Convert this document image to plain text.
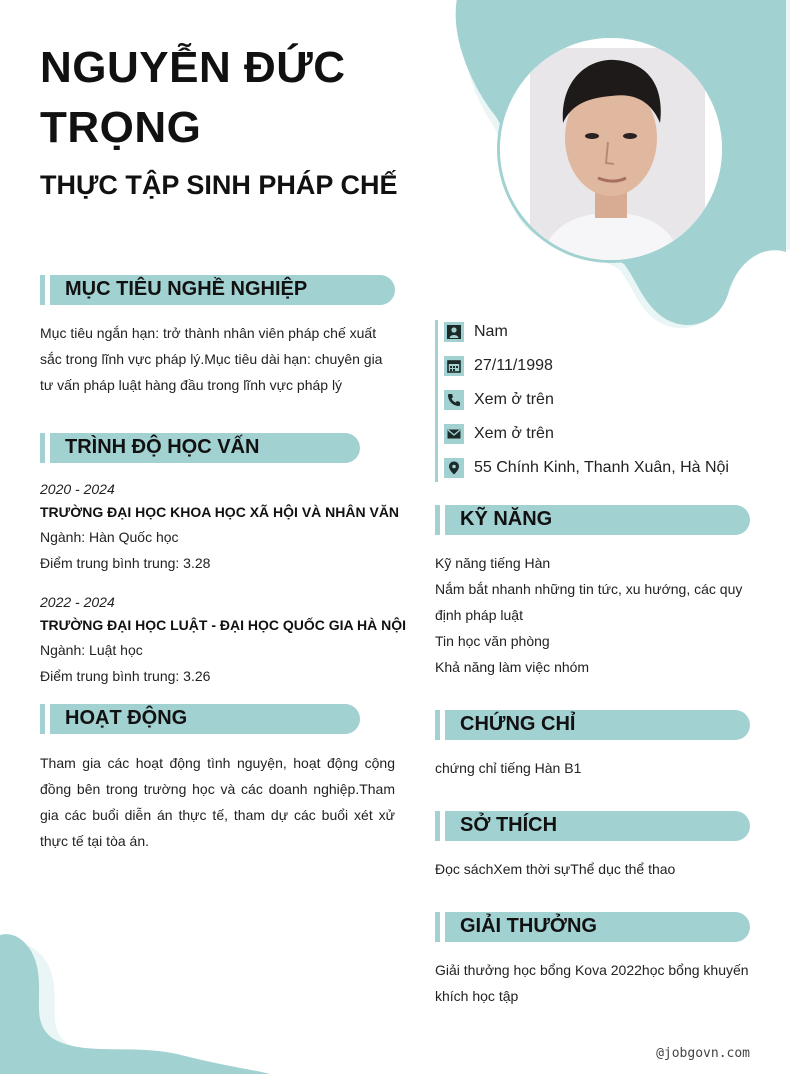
NGUYỄN ĐỨC TRỌNG
THỰC TẬP SINH PHÁP CHẾ
MỤC TIÊU NGHỀ NGHIỆP
Mục tiêu ngắn hạn: trở thành nhân viên pháp chế xuất sắc trong lĩnh vực pháp lý.Mục tiêu dài hạn: chuyên gia tư vấn pháp luật hàng đầu trong lĩnh vực pháp lý
TRÌNH ĐỘ HỌC VẤN
2020 - 2024
TRƯỜNG ĐẠI HỌC KHOA HỌC XÃ HỘI VÀ NHÂN VĂN
Ngành: Hàn Quốc học
Điểm trung bình trung: 3.28
2022 - 2024
TRƯỜNG ĐẠI HỌC LUẬT - ĐẠI HỌC QUỐC GIA HÀ NỘI
Ngành: Luật học
Điểm trung bình trung: 3.26
HOẠT ĐỘNG
Tham gia các hoạt động tình nguyện, hoạt động cộng đồng bên trong trường học và các doanh nghiệp.Tham gia các buổi diễn án thực tế, tham dự các buổi xét xử thực tế tại tòa án.
Nam
27/11/1998
Xem ở trên
Xem ở trên
55 Chính Kinh, Thanh Xuân, Hà Nội
KỸ NĂNG
Kỹ năng tiếng Hàn
Nắm bắt nhanh những tin tức, xu hướng, các quy định pháp luật
Tin học văn phòng
Khả năng làm việc nhóm
CHỨNG CHỈ
chứng chỉ tiếng Hàn B1
SỞ THÍCH
Đọc sáchXem thời sựThể dục thể thao
GIẢI THƯỞNG
Giải thưởng học bổng Kova 2022học bổng khuyến khích học tập
@jobgovn.com
